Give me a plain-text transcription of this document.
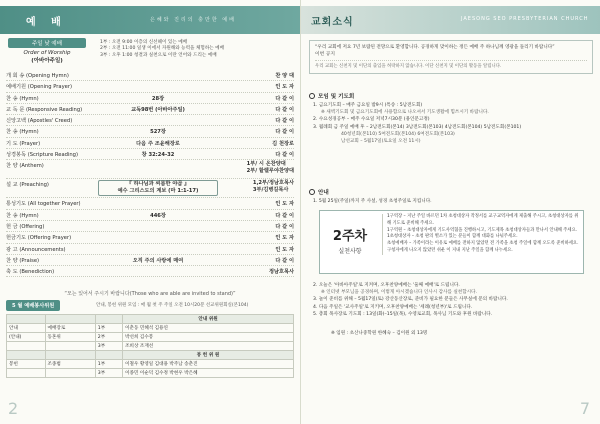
예 배	은혜와 진리의 충만한 예배
주일 낮 예배
Order of Worship
(아바아주일)
1부 : 오전 9:00 이층의 신선헤이 있는 예배
2부 : 오전 11:00 일생 이에서 자원해와 능력을 체험하는 예배
3부 : 오후 1:00 청결과 실천으로 이란 언어와 드리는 예배
개 회 송 (Opening Hymn)	찬 양 대
예배기원 (Opening Prayer)	인 도 자
찬 송 (Hymn)	28장	다 같 이
교 독 문 (Responsive Reading)	교독98번 (아바아주일)	다 같 이
신앙고백 (Apostles' Creed)	다 같 이
찬 송 (Hymn)	527장	다 같 이
기 도 (Prayer)	다음 주 조윤해장로	김 천장로
성경봉독 (Scripture Reading)	창 32:24-32	다 같 이
찬 양 (Anthem)	1부/ 시 온찬양대
2부/ 할렐루야찬양대
설 교 (Preaching)	『 하나님과 씨름한 야곱 』
예수 그리스도의 계보 (마 1:1-17)
1,2부/정남호목사
3부/김병길목사
통성기도 (All together Prayer)	인 도 자
찬 송 (Hymn)	446장	다 같 이
헌 금 (Offering)	다 같 이
헌금기도 (Offering Prayer)	인 도 자
광 고 (Announcements)	인 도 자
찬 양 (Praise)	오직 주의 사랑에 매여	다 같 이
축 도 (Benediction)	정남호목사
“모는 있어서 주시기 바랍니다(Those who are able are invited to stand)”
5 월 예배봉사위원	안내, 봉헌 위원 모임 : 매 월 첫 주 주일 오전 10시20분 선교위원회실(본104)
			안내 위원
안내	예배장로	1부	이춘동 민혜석 김용연
(안내)	동혼위	2부	박선희 김수봉
		3부	조희상 조재선
			봉 헌 위 원
봉헌	조종범	1부	이철우 황영일 김대용 박주남 송춘진
		3부	이종민 이순덕 김수정 박현우 박은혜
2
교회소식	JAESONG SEO PRESBYTERIAN CHURCH
“우리 교회에 저요 7년 보람된 전망으로 환영합니다. 공경하게 맞이하는 정든 예배 주 하나님께 영광을 돌리기 바랍니다”
이번 공지
우리 교회는 신천지 및 이단의 출입을 허락하지 않습니다. 이단 신천지 및 이단의 활동을 알립니다.
모임 및 기도회
1. 금요기도회 – 매주 금요일 밤9시 (특송 : 5남전도회)
※ 새벽기도회 및 금요기도회에 사용함으로 나오셔서 기도생활에 힘쓰시기 바랍니다.
2. 수요성경공부 – 매주 수요일 저녁7시30분 (용인문고정)
3. 월례회 금 주일 예배 후 – 2남전도회(본14) 3남전도회(본103) 4남전도회(본104) 5남전도회(본101)
40청년회(본110) 5여전도회(본104) 6여전도회(본103)
남선교회 – 5월17일(토요일 오전 11시)
안내
1. 5월 25일(주일)까지 주 사설, 성경 초청주일로 지킵니다.
2주차
실천사항
1구역장 – 지난 주일 바르던 1차 초청대상자 작정서를 교구교역자에게 제출해 주시고, 초청대상자를 위해 기도로 준비해 주세요.
1구역원 – 초청대상자에게 기도사역협을 진행하시고, 기도제목 초청대상자들과 만나서 안내해 주세요.
1초청대상자 – 초청 판의 별소가 있는 분들이 함께 대화를 나눠주세요.
초청예배자 – 가족이라는 이유로 예배를 전하지 않았던 전 가족을 초청 주일에 함께 오도록 준비하세요.
구청자에게 나오지 않았던 쉬운 이 지내 지난 주일을 함께 나누세요.
2. 오늘은 '아바아주일'로 지켜며, 오후찬양예배는 '둘째 예배'로 드립니다.
※ 인터넷 부모님을 공경하며, 이렇게 아시겠습니다 인사시 감사를 실천합시다.
3. 놀이 준비를 위해 – 5월17일(토) 강산동산장로, 준비가 필요한 분들은 사무실에 문의 바랍니다.
4. 다음 주일은 '교사주일'로 지키며, 오후찬양예배는 '세례(청년부)'로 드립니다.
5. 총회 목사장로 기도회 : 13일(화)–15일(목), 수영로교회, 목사님 기도와 후원 바랍니다.
※ 임원 : 초산나중학원 한혜숙 – 김이원 외 13명
7
